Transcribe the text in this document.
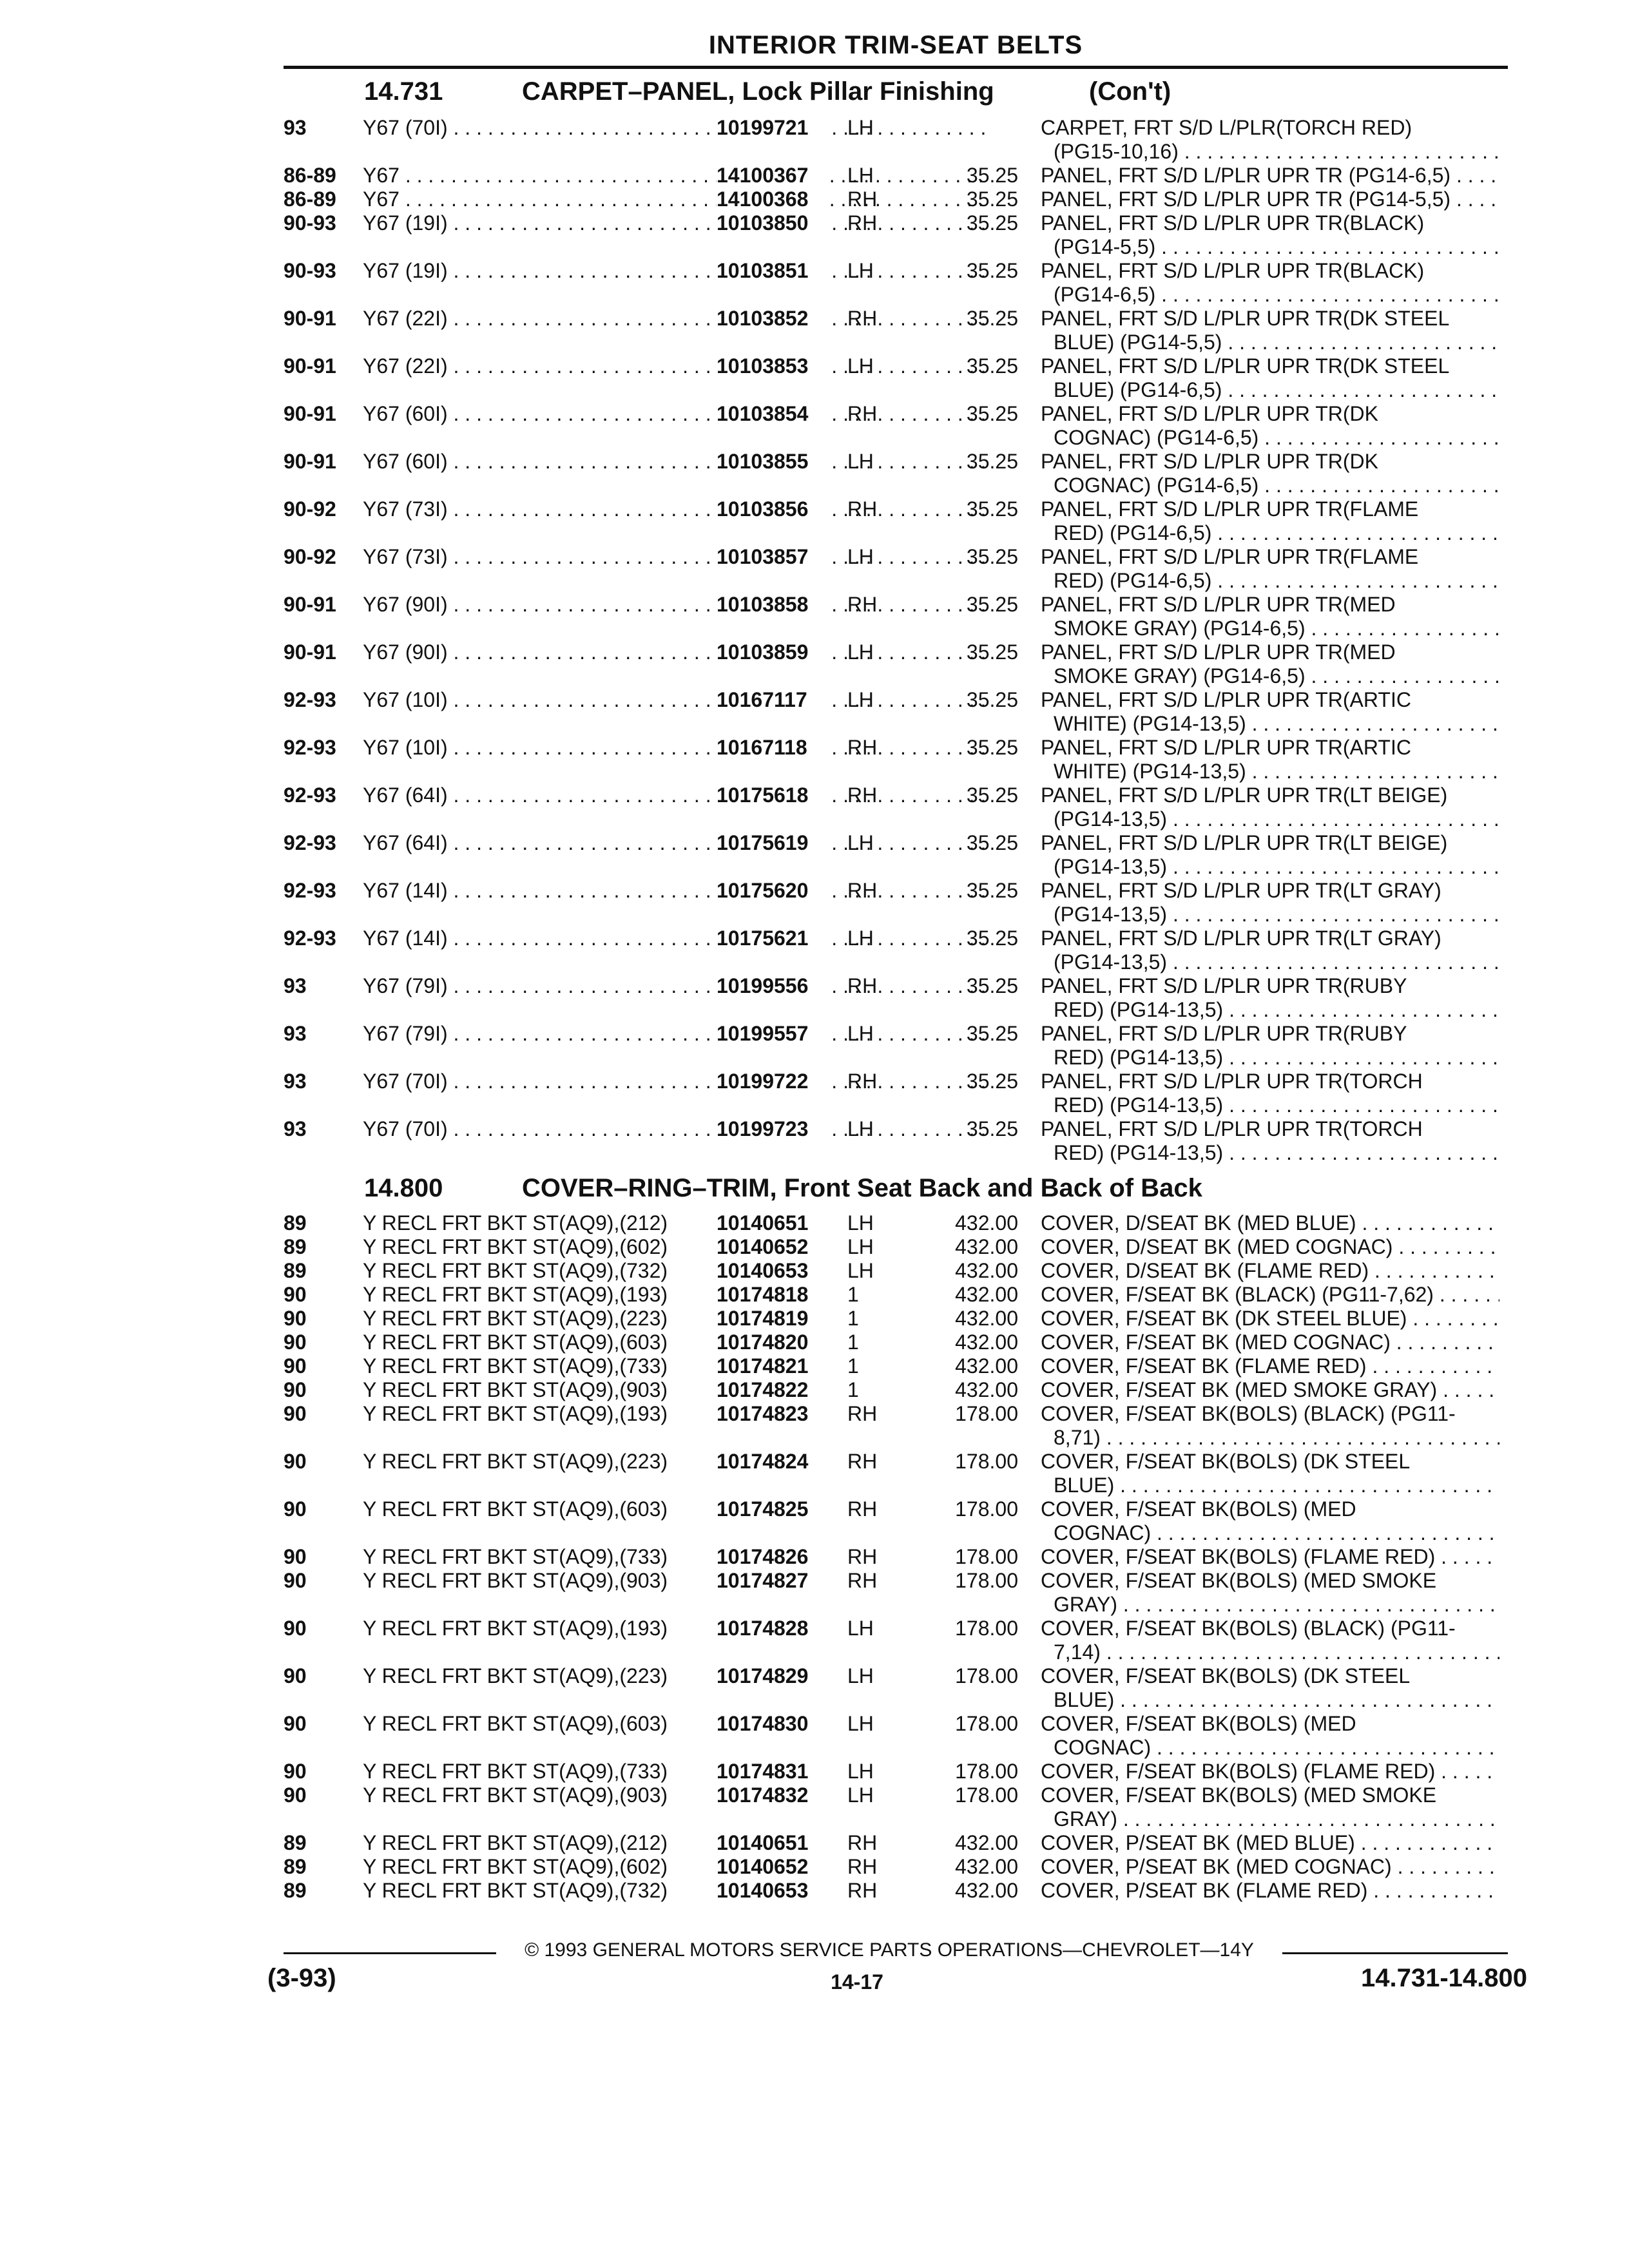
INTERIOR TRIM-SEAT BELTS
14.731	CARPET–PANEL, Lock Pillar Finishing	(Con't)
93	Y67 (70I) . . .	10199721	LH	CARPET, FRT S/D L/PLR(TORCH RED)
(PG15-10,16) . . .
86-89 Y67 . . .	14100367	LH	35.25 PANEL, FRT S/D L/PLR UPR TR (PG14-6,5) . . .
86-89 Y67 . . .	14100368	RH	35.25 PANEL, FRT S/D L/PLR UPR TR (PG14-5,5) . . .
90-93 Y67 (19I) . . .	10103850	RH	35.25 PANEL, FRT S/D L/PLR UPR TR(BLACK)
(PG14-5,5) . . .
90-93 Y67 (19I) . . .	10103851	LH	35.25 PANEL, FRT S/D L/PLR UPR TR(BLACK)
(PG14-6,5) . . .
90-91 Y67 (22I) . . .	10103852	RH	35.25 PANEL, FRT S/D L/PLR UPR TR(DK STEEL
BLUE) (PG14-5,5) . . .
90-91 Y67 (22I) . . .	10103853	LH	35.25 PANEL, FRT S/D L/PLR UPR TR(DK STEEL
BLUE) (PG14-6,5) . . .
90-91 Y67 (60I) . . .	10103854	RH	35.25 PANEL, FRT S/D L/PLR UPR TR(DK
COGNAC) (PG14-6,5) . . .
90-91 Y67 (60I) . . .	10103855	LH	35.25 PANEL, FRT S/D L/PLR UPR TR(DK
COGNAC) (PG14-6,5) . . .
90-92 Y67 (73I) . . .	10103856	RH	35.25 PANEL, FRT S/D L/PLR UPR TR(FLAME
RED) (PG14-6,5) . . .
90-92 Y67 (73I) . . .	10103857	LH	35.25 PANEL, FRT S/D L/PLR UPR TR(FLAME
RED) (PG14-6,5) . . .
90-91 Y67 (90I) . . .	10103858	RH	35.25 PANEL, FRT S/D L/PLR UPR TR(MED
SMOKE GRAY) (PG14-6,5) . . .
90-91 Y67 (90I) . . .	10103859	LH	35.25 PANEL, FRT S/D L/PLR UPR TR(MED
SMOKE GRAY) (PG14-6,5) . . .
92-93 Y67 (10I) . . .	10167117	LH	35.25 PANEL, FRT S/D L/PLR UPR TR(ARTIC
WHITE) (PG14-13,5) . . .
92-93 Y67 (10I) . . .	10167118	RH	35.25 PANEL, FRT S/D L/PLR UPR TR(ARTIC
WHITE) (PG14-13,5) . . .
92-93 Y67 (64I) . . .	10175618	RH	35.25 PANEL, FRT S/D L/PLR UPR TR(LT BEIGE)
(PG14-13,5) . . .
92-93 Y67 (64I) . . .	10175619	LH	35.25 PANEL, FRT S/D L/PLR UPR TR(LT BEIGE)
(PG14-13,5) . . .
92-93 Y67 (14I) . . .	10175620	RH	35.25 PANEL, FRT S/D L/PLR UPR TR(LT GRAY)
(PG14-13,5) . . .
92-93 Y67 (14I) . . .	10175621	LH	35.25 PANEL, FRT S/D L/PLR UPR TR(LT GRAY)
(PG14-13,5) . . .
93	Y67 (79I) . . .	10199556	RH	35.25 PANEL, FRT S/D L/PLR UPR TR(RUBY
RED) (PG14-13,5) . . .
93	Y67 (79I) . . .	10199557	LH	35.25 PANEL, FRT S/D L/PLR UPR TR(RUBY
RED) (PG14-13,5) . . .
93	Y67 (70I) . . .	10199722	RH	35.25 PANEL, FRT S/D L/PLR UPR TR(TORCH
RED) (PG14-13,5) . . .
93	Y67 (70I) . . .	10199723	LH	35.25 PANEL, FRT S/D L/PLR UPR TR(TORCH
RED) (PG14-13,5) . . .
14.800	COVER–RING–TRIM, Front Seat Back and Back of Back
89	Y RECL FRT BKT ST(AQ9),(212)	10140651	LH	432.00 COVER, D/SEAT BK (MED BLUE) . . .
89	Y RECL FRT BKT ST(AQ9),(602)	10140652	LH	432.00 COVER, D/SEAT BK (MED COGNAC) . . .
89	Y RECL FRT BKT ST(AQ9),(732)	10140653	LH	432.00 COVER, D/SEAT BK (FLAME RED) . . .
90	Y RECL FRT BKT ST(AQ9),(193)	10174818	1	432.00 COVER, F/SEAT BK (BLACK) (PG11-7,62) . . .
90	Y RECL FRT BKT ST(AQ9),(223)	10174819	1	432.00 COVER, F/SEAT BK (DK STEEL BLUE) . . .
90	Y RECL FRT BKT ST(AQ9),(603)	10174820	1	432.00 COVER, F/SEAT BK (MED COGNAC) . . .
90	Y RECL FRT BKT ST(AQ9),(733)	10174821	1	432.00 COVER, F/SEAT BK (FLAME RED) . . .
90	Y RECL FRT BKT ST(AQ9),(903)	10174822	1	432.00 COVER, F/SEAT BK (MED SMOKE GRAY) . . .
90	Y RECL FRT BKT ST(AQ9),(193)	10174823	RH	178.00 COVER, F/SEAT BK(BOLS) (BLACK) (PG11-
8,71) . . .
90	Y RECL FRT BKT ST(AQ9),(223)	10174824	RH	178.00 COVER, F/SEAT BK(BOLS) (DK STEEL
BLUE) . . .
90	Y RECL FRT BKT ST(AQ9),(603)	10174825	RH	178.00 COVER, F/SEAT BK(BOLS) (MED
COGNAC) . . .
90	Y RECL FRT BKT ST(AQ9),(733)	10174826	RH	178.00 COVER, F/SEAT BK(BOLS) (FLAME RED) . . .
90	Y RECL FRT BKT ST(AQ9),(903)	10174827	RH	178.00 COVER, F/SEAT BK(BOLS) (MED SMOKE
GRAY) . . .
90	Y RECL FRT BKT ST(AQ9),(193)	10174828	LH	178.00 COVER, F/SEAT BK(BOLS) (BLACK) (PG11-
7,14) . . .
90	Y RECL FRT BKT ST(AQ9),(223)	10174829	LH	178.00 COVER, F/SEAT BK(BOLS) (DK STEEL
BLUE) . . .
90	Y RECL FRT BKT ST(AQ9),(603)	10174830	LH	178.00 COVER, F/SEAT BK(BOLS) (MED
COGNAC) . . .
90	Y RECL FRT BKT ST(AQ9),(733)	10174831	LH	178.00 COVER, F/SEAT BK(BOLS) (FLAME RED) . . .
90	Y RECL FRT BKT ST(AQ9),(903)	10174832	LH	178.00 COVER, F/SEAT BK(BOLS) (MED SMOKE
GRAY) . . .
89	Y RECL FRT BKT ST(AQ9),(212)	10140651	RH	432.00 COVER, P/SEAT BK (MED BLUE) . . .
89	Y RECL FRT BKT ST(AQ9),(602)	10140652	RH	432.00 COVER, P/SEAT BK (MED COGNAC) . . .
89	Y RECL FRT BKT ST(AQ9),(732)	10140653	RH	432.00 COVER, P/SEAT BK (FLAME RED) . . .
© 1993 GENERAL MOTORS SERVICE PARTS OPERATIONS—CHEVROLET—14Y
(3-93)	14-17	14.731-14.800
